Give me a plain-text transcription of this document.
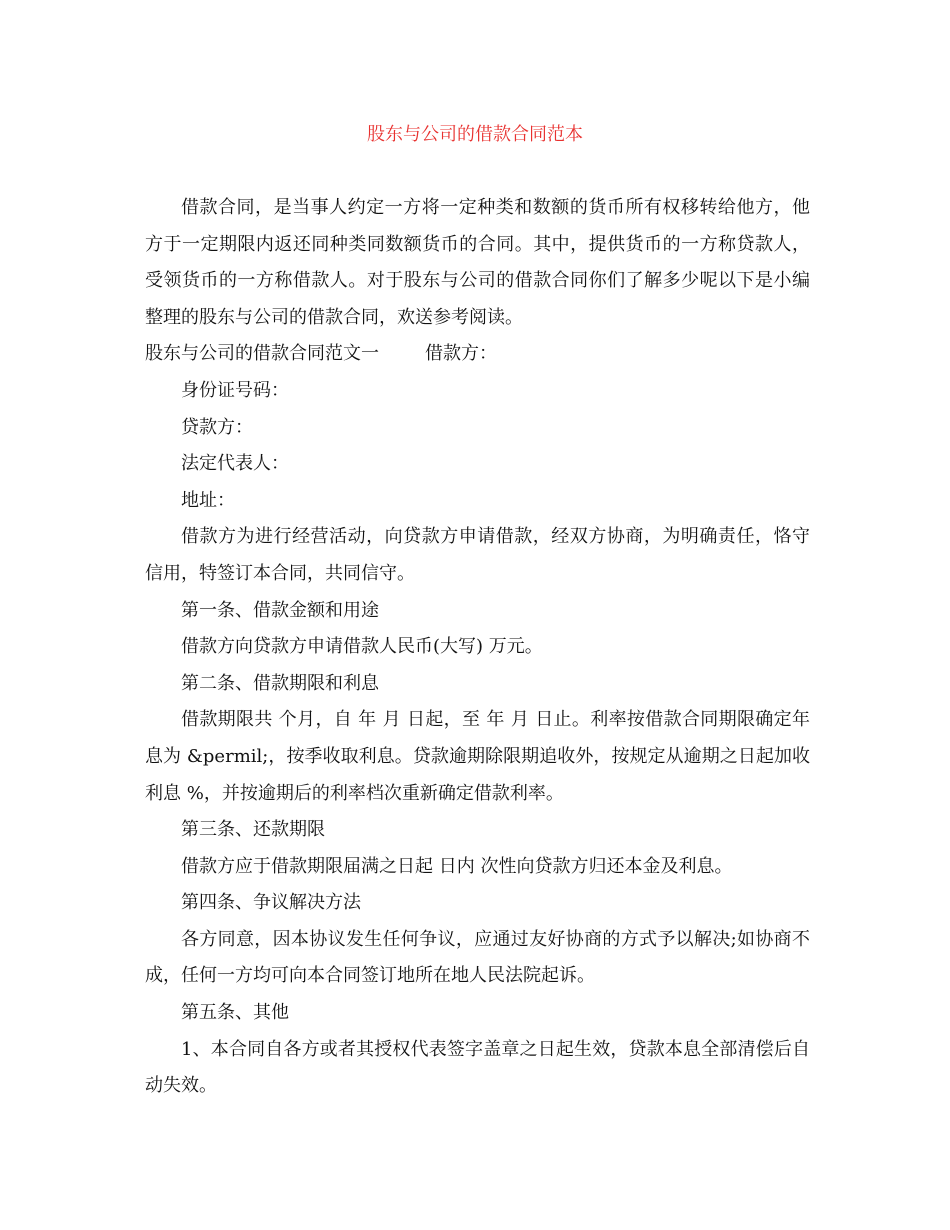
股东与公司的借款合同范本

借款合同，是当事人约定一方将一定种类和数额的货币所有权移转给他方，他方于一定期限内返还同种类同数额货币的合同。其中，提供货币的一方称贷款人，受领货币的一方称借款人。对于股东与公司的借款合同你们了解多少呢以下是小编整理的股东与公司的借款合同，欢送参考阅读。

股东与公司的借款合同范文一	借款方：

身份证号码：

贷款方：

法定代表人：

地址：

借款方为进行经营活动，向贷款方申请借款，经双方协商，为明确责任，恪守信用，特签订本合同，共同信守。

第一条、借款金额和用途

借款方向贷款方申请借款人民币(大写) 万元。

第二条、借款期限和利息

借款期限共 个月，自 年 月 日起，至 年 月 日止。利率按借款合同期限确定年息为 &permil;，按季收取利息。贷款逾期除限期追收外，按规定从逾期之日起加收利息 %，并按逾期后的利率档次重新确定借款利率。

第三条、还款期限

借款方应于借款期限届满之日起 日内 次性向贷款方归还本金及利息。

第四条、争议解决方法

各方同意，因本协议发生任何争议，应通过友好协商的方式予以解决;如协商不成，任何一方均可向本合同签订地所在地人民法院起诉。

第五条、其他

1、本合同自各方或者其授权代表签字盖章之日起生效，贷款本息全部清偿后自动失效。
